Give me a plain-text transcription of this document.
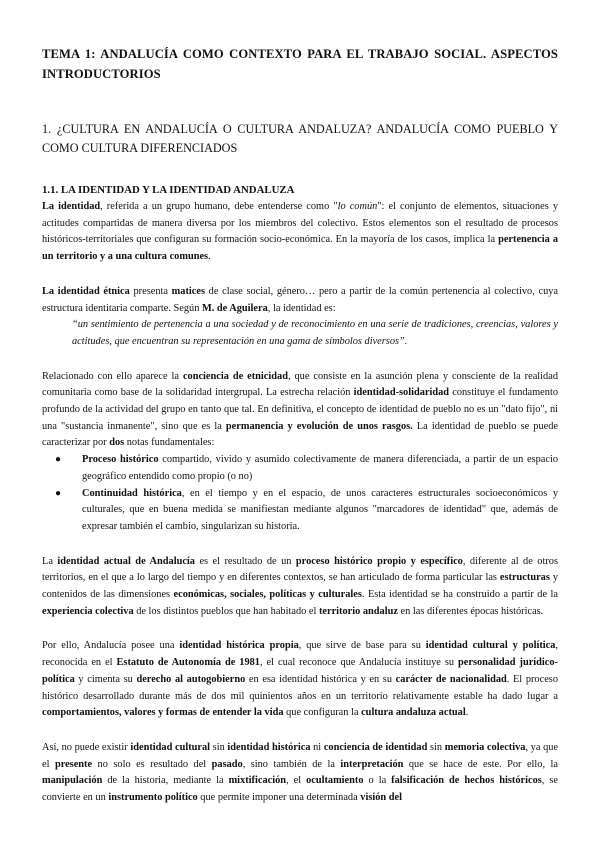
TEMA 1: ANDALUCÍA COMO CONTEXTO PARA EL TRABAJO SOCIAL. ASPECTOS INTRODUCTORIOS
1. ¿CULTURA EN ANDALUCÍA O CULTURA ANDALUZA? ANDALUCÍA COMO PUEBLO Y COMO CULTURA DIFERENCIADOS
1.1. LA IDENTIDAD Y LA IDENTIDAD ANDALUZA

La identidad, referida a un grupo humano, debe entenderse como "lo común": el conjunto de elementos, situaciones y actitudes compartidas de manera diversa por los miembros del colectivo. Estos elementos son el resultado de procesos históricos-territoriales que configuran su formación socio-económica. En la mayoría de los casos, implica la pertenencia a un territorio y a una cultura comunes.

La identidad étnica presenta matices de clase social, género… pero a partir de la común pertenencia al colectivo, cuya estructura identitaria comparte. Según M. de Aguilera, la identidad es:

“un sentimiento de pertenencia a una sociedad y de reconocimiento en una serie de tradiciones, creencias, valores y actitudes, que encuentran su representación en una gama de símbolos diversos”.

Relacionado con ello aparece la conciencia de etnicidad, que consiste en la asunción plena y consciente de la realidad comunitaria como base de la solidaridad intergrupal. La estrecha relación identidad-solidaridad constituye el fundamento profundo de la actividad del grupo en tanto que tal. En definitiva, el concepto de identidad de pueblo no es un "dato fijo", ni una "sustancia inmanente", sino que es la permanencia y evolución de unos rasgos. La identidad de pueblo se puede caracterizar por dos notas fundamentales:

● Proceso histórico compartido, vivido y asumido colectivamente de manera diferenciada, a partir de un espacio geográfico entendido como propio (o no)
● Continuidad histórica, en el tiempo y en el espacio, de unos caracteres estructurales socioeconómicos y culturales, que en buena medida se manifiestan mediante algunos "marcadores de identidad" que, además de expresar también el cambio, singularizan su historia.

La identidad actual de Andalucía es el resultado de un proceso histórico propio y específico, diferente al de otros territorios, en el que a lo largo del tiempo y en diferentes contextos, se han articulado de forma particular las estructuras y contenidos de las dimensiones económicas, sociales, políticas y culturales. Esta identidad se ha construido a partir de la experiencia colectiva de los distintos pueblos que han habitado el territorio andaluz en las diferentes épocas históricas.

Por ello, Andalucía posee una identidad histórica propia, que sirve de base para su identidad cultural y política, reconocida en el Estatuto de Autonomía de 1981, el cual reconoce que Andalucía instituye su personalidad jurídico-política y cimenta su derecho al autogobierno en esa identidad histórica y en su carácter de nacionalidad. El proceso histórico desarrollado durante más de dos mil quinientos años en un territorio relativamente estable ha dado lugar a comportamientos, valores y formas de entender la vida que configuran la cultura andaluza actual.

Así, no puede existir identidad cultural sin identidad histórica ni conciencia de identidad sin memoria colectiva, ya que el presente no solo es resultado del pasado, sino también de la interpretación que se hace de este. Por ello, la manipulación de la historia, mediante la mixtificación, el ocultamiento o la falsificación de hechos históricos, se convierte en un instrumento político que permite imponer una determinada visión del
